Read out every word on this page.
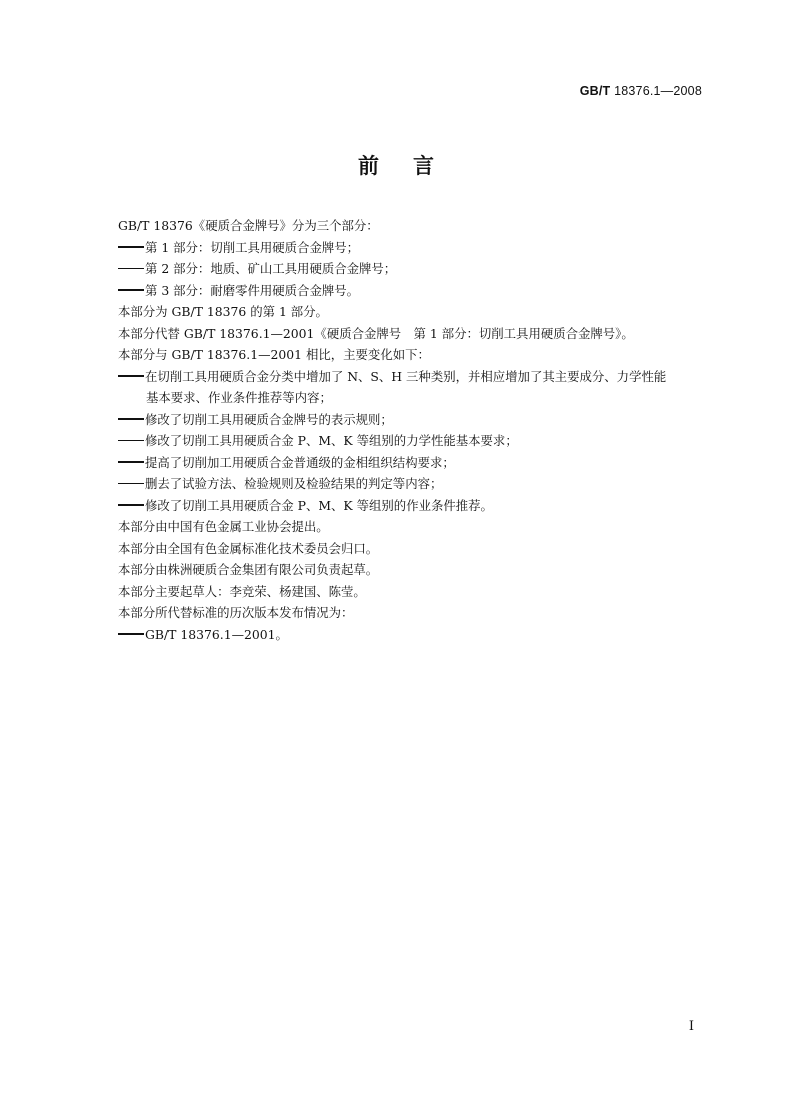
GB/T 18376.1—2008
前言
GB/T 18376《硬质合金牌号》分为三个部分：
第 1 部分：切削工具用硬质合金牌号；
第 2 部分：地质、矿山工具用硬质合金牌号；
第 3 部分：耐磨零件用硬质合金牌号。
本部分为 GB/T 18376 的第 1 部分。
本部分代替 GB/T 18376.1—2001《硬质合金牌号　第 1 部分：切削工具用硬质合金牌号》。
本部分与 GB/T 18376.1—2001 相比，主要变化如下：
在切削工具用硬质合金分类中增加了 N、S、H 三种类别，并相应增加了其主要成分、力学性能
基本要求、作业条件推荐等内容；
修改了切削工具用硬质合金牌号的表示规则；
修改了切削工具用硬质合金 P、M、K 等组别的力学性能基本要求；
提高了切削加工用硬质合金普通级的金相组织结构要求；
删去了试验方法、检验规则及检验结果的判定等内容；
修改了切削工具用硬质合金 P、M、K 等组别的作业条件推荐。
本部分由中国有色金属工业协会提出。
本部分由全国有色金属标准化技术委员会归口。
本部分由株洲硬质合金集团有限公司负责起草。
本部分主要起草人：李竞荣、杨建国、陈莹。
本部分所代替标准的历次版本发布情况为：
GB/T 18376.1—2001。
I
